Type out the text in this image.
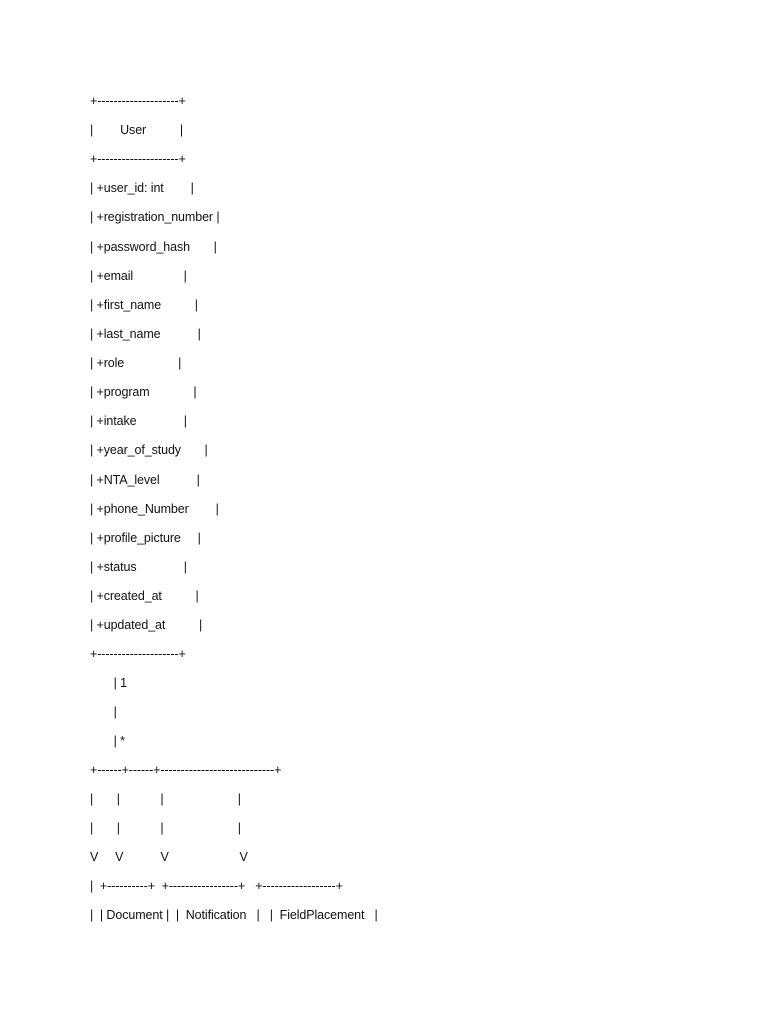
+--------------------+
|        User          |
+--------------------+
| +user_id: int        |
| +registration_number |
| +password_hash       |
| +email               |
| +first_name          |
| +last_name           |
| +role                |
| +program             |
| +intake              |
| +year_of_study       |
| +NTA_level           |
| +phone_Number        |
| +profile_picture     |
| +status              |
| +created_at          |
| +updated_at          |
+--------------------+
| 1
|
| *
+------+------+----------------------------+
|       |            |                      |
|       |            |                      |
V     V           V                     V
|  +----------+  +-----------------+   +------------------+
|  | Document |  |  Notification   |   |  FieldPlacement   |
